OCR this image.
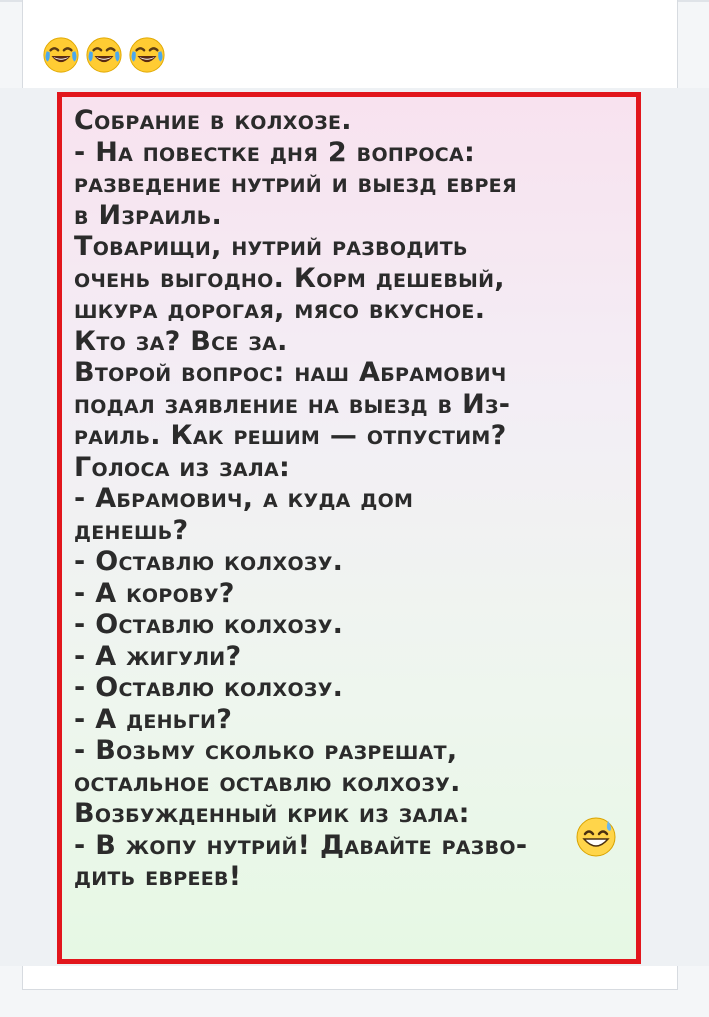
Собрание в колхозе.
- На повестке дня 2 вопроса:
разведение нутрий и выезд еврея
в Израиль.
Товарищи, нутрий разводить
очень выгодно. Корм дешевый,
шкура дорогая, мясо вкусное.
Кто за? Все за.
Второй вопрос: наш Абрамович
подал заявление на выезд в Из-
раиль. Как решим — отпустим?
Голоса из зала:
- Абрамович, а куда дом
денешь?
- Оставлю колхозу.
- А корову?
- Оставлю колхозу.
- А жигули?
- Оставлю колхозу.
- А деньги?
- Возьму сколько разрешат,
остальное оставлю колхозу.
Возбужденный крик из зала:
- В жопу нутрий! Давайте разво-
дить евреев!
